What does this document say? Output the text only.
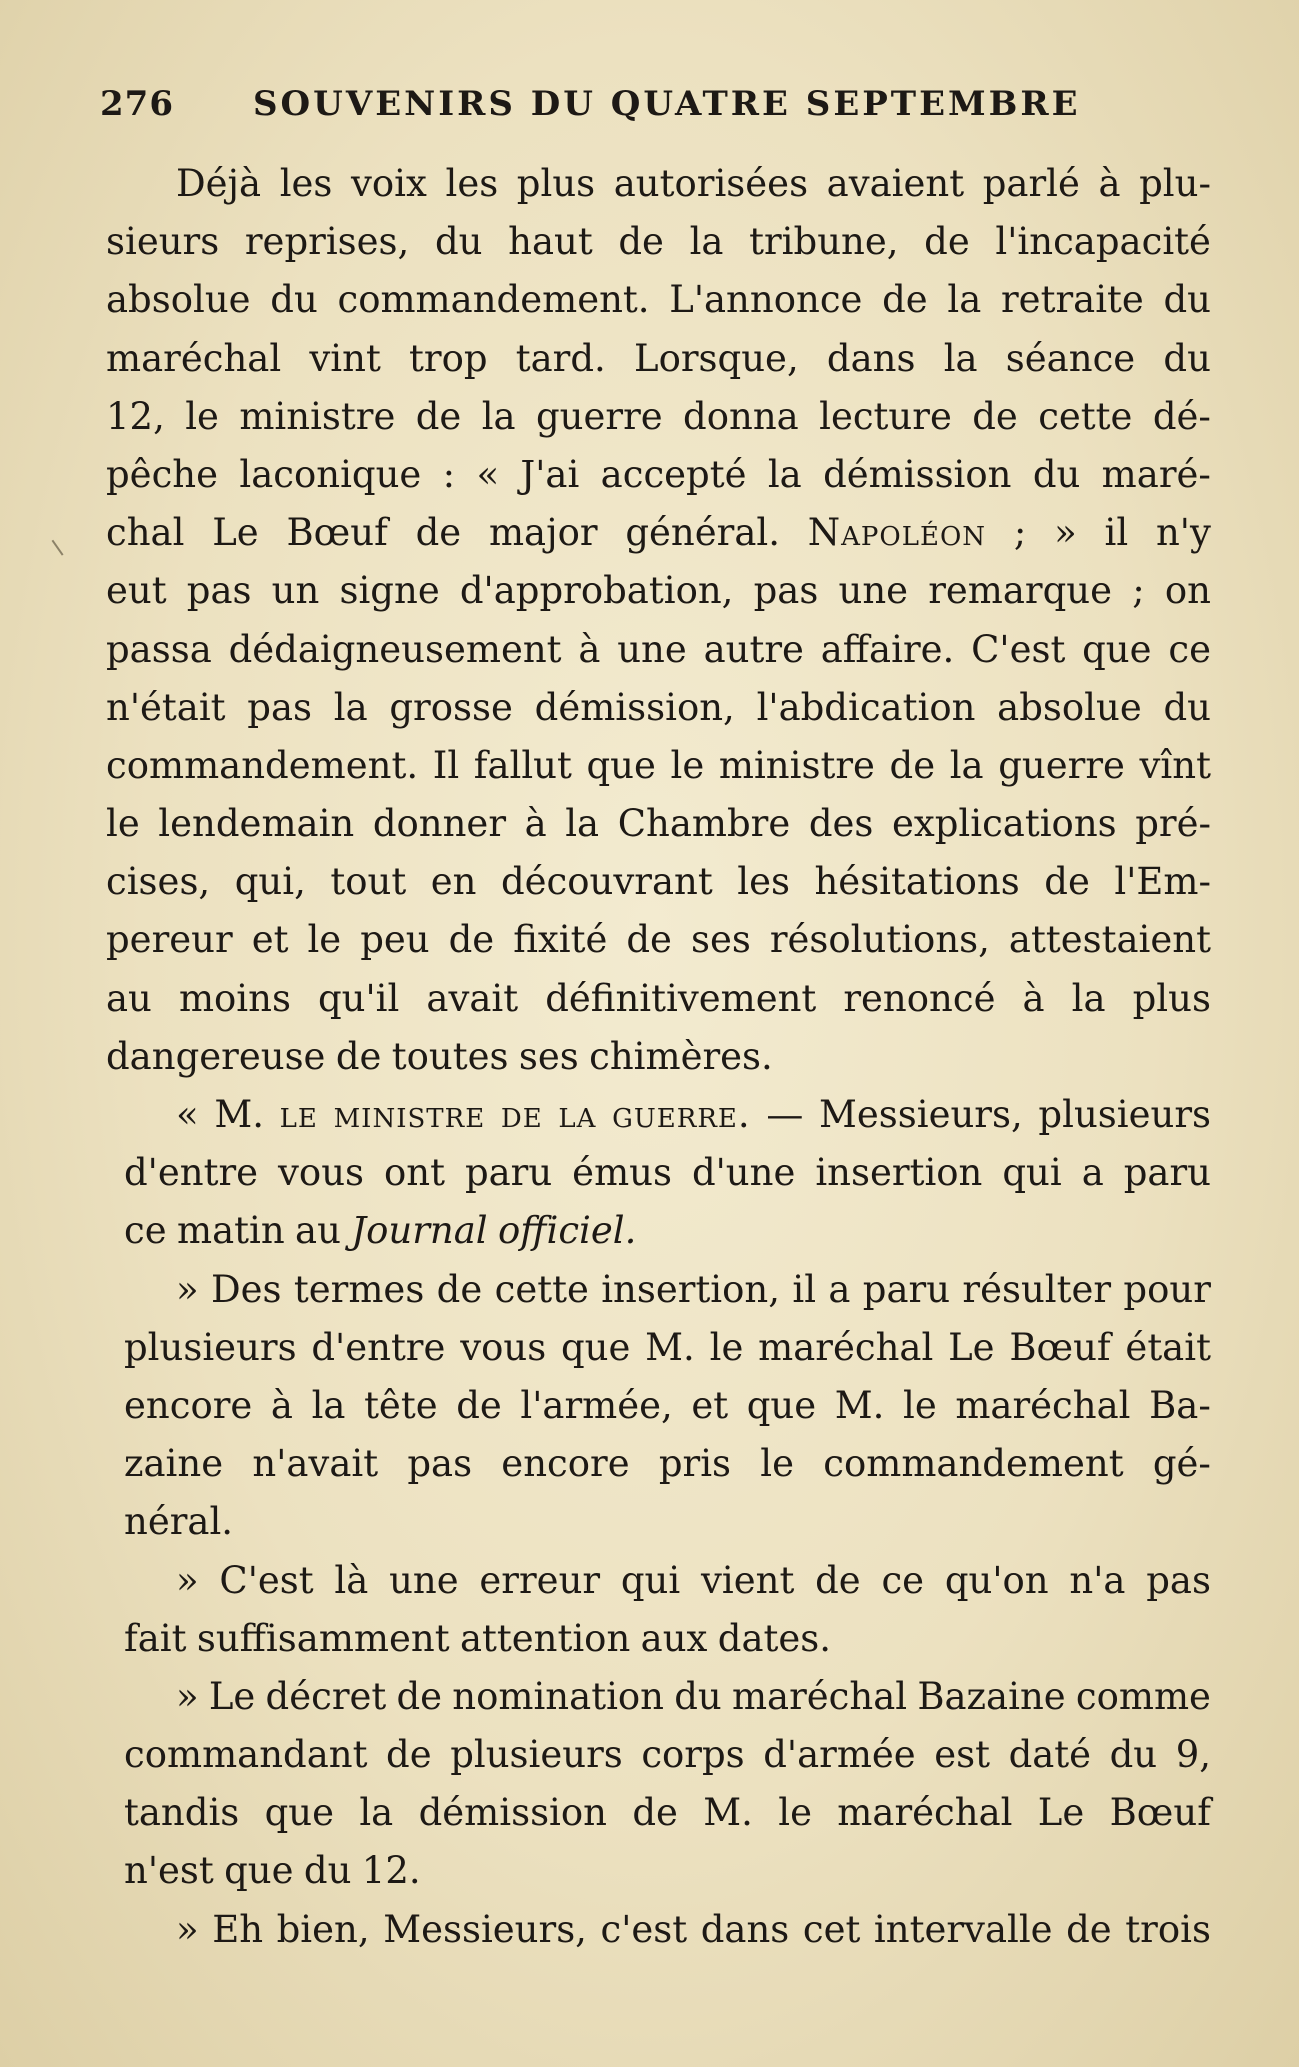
276 SOUVENIRS DU QUATRE SEPTEMBRE
Déjà les voix les plus autorisées avaient parlé à plu-
sieurs reprises, du haut de la tribune, de l'incapacité
absolue du commandement. L'annonce de la retraite du
maréchal vint trop tard. Lorsque, dans la séance du
12, le ministre de la guerre donna lecture de cette dé-
pêche laconique : « J'ai accepté la démission du maré-
chal Le Bœuf de major général. Napoléon ; » il n'y
eut pas un signe d'approbation, pas une remarque ; on
passa dédaigneusement à une autre affaire. C'est que ce
n'était pas la grosse démission, l'abdication absolue du
commandement. Il fallut que le ministre de la guerre vînt
le lendemain donner à la Chambre des explications pré-
cises, qui, tout en découvrant les hésitations de l'Em-
pereur et le peu de fixité de ses résolutions, attestaient
au moins qu'il avait définitivement renoncé à la plus
dangereuse de toutes ses chimères.
« M. le ministre de la guerre. — Messieurs, plusieurs
d'entre vous ont paru émus d'une insertion qui a paru
ce matin au Journal officiel.
» Des termes de cette insertion, il a paru résulter pour
plusieurs d'entre vous que M. le maréchal Le Bœuf était
encore à la tête de l'armée, et que M. le maréchal Ba-
zaine n'avait pas encore pris le commandement gé-
néral.
» C'est là une erreur qui vient de ce qu'on n'a pas
fait suffisamment attention aux dates.
» Le décret de nomination du maréchal Bazaine comme
commandant de plusieurs corps d'armée est daté du 9,
tandis que la démission de M. le maréchal Le Bœuf
n'est que du 12.
» Eh bien, Messieurs, c'est dans cet intervalle de trois
